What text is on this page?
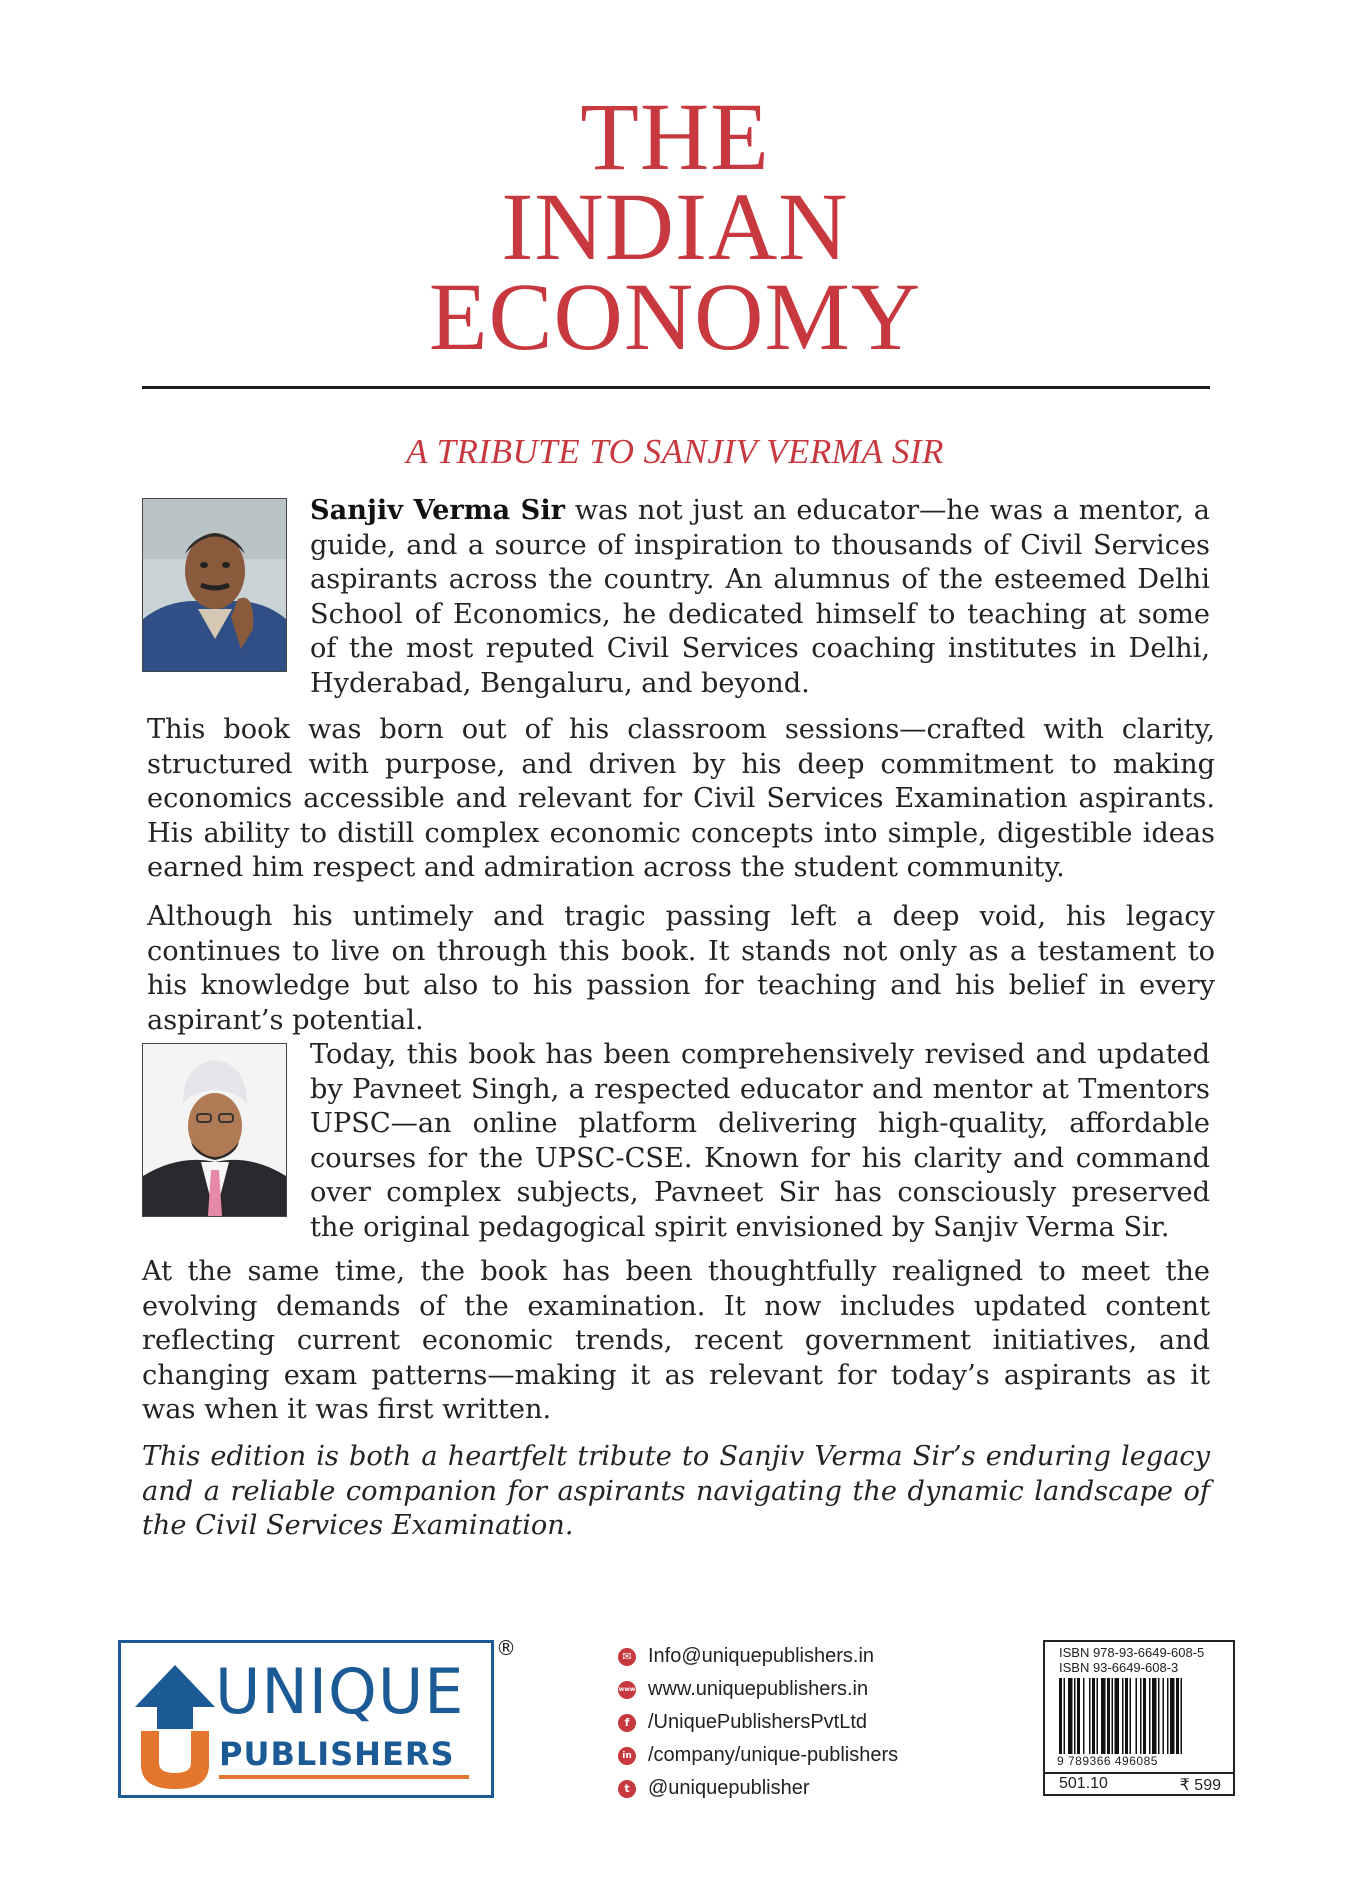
THE
INDIAN
ECONOMY
A TRIBUTE TO SANJIV VERMA SIR

Sanjiv Verma Sir was not just an educator—he was a mentor, a guide, and a source of inspiration to thousands of Civil Services aspirants across the country. An alumnus of the esteemed Delhi School of Economics, he dedicated himself to teaching at some of the most reputed Civil Services coaching institutes in Delhi, Hyderabad, Bengaluru, and beyond.

This book was born out of his classroom sessions—crafted with clarity, structured with purpose, and driven by his deep commitment to making economics accessible and relevant for Civil Services Examination aspirants. His ability to distill complex economic concepts into simple, digestible ideas earned him respect and admiration across the student community.

Although his untimely and tragic passing left a deep void, his legacy continues to live on through this book. It stands not only as a testament to his knowledge but also to his passion for teaching and his belief in every aspirant’s potential.

Today, this book has been comprehensively revised and updated by Pavneet Singh, a respected educator and mentor at Tmentors UPSC—an online platform delivering high-quality, affordable courses for the UPSC-CSE. Known for his clarity and command over complex subjects, Pavneet Sir has consciously preserved the original pedagogical spirit envisioned by Sanjiv Verma Sir.

At the same time, the book has been thoughtfully realigned to meet the evolving demands of the examination. It now includes updated content reflecting current economic trends, recent government initiatives, and changing exam patterns—making it as relevant for today’s aspirants as it was when it was first written.

This edition is both a heartfelt tribute to Sanjiv Verma Sir’s enduring legacy and a reliable companion for aspirants navigating the dynamic landscape of the Civil Services Examination.

UNIQUE
PUBLISHERS
®	✉ Info@uniquepublishers.in
www www.uniquepublishers.in
f /UniquePublishersPvtLtd
in /company/unique-publishers
t @uniquepublisher
ISBN 978-93-6649-608-5
ISBN 93-6649-608-3
9 789366 496085
501.10	₹ 599
